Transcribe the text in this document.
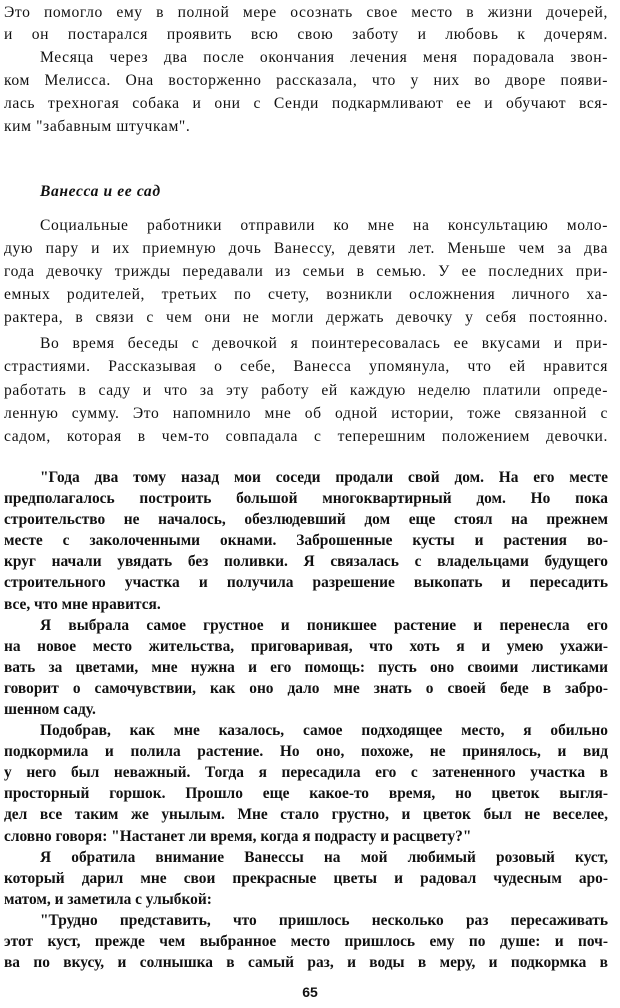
Это помогло ему в полной мере осознать свое место в жизни дочерей,
и он постарался проявить всю свою заботу и любовь к дочерям.
Месяца через два после окончания лечения меня порадовала звон-
ком Мелисса. Она восторженно рассказала, что у них во дворе появи-
лась трехногая собака и они с Сенди подкармливают ее и обучают вся-
ким "забавным штучкам".
Ванесса и ее сад
Социальные работники отправили ко мне на консультацию моло-
дую пару и их приемную дочь Ванессу, девяти лет. Меньше чем за два
года девочку трижды передавали из семьи в семью. У ее последних при-
емных родителей, третьих по счету, возникли осложнения личного ха-
рактера, в связи с чем они не могли держать девочку у себя постоянно.
Во время беседы с девочкой я поинтересовалась ее вкусами и при-
страстиями. Рассказывая о себе, Ванесса упомянула, что ей нравится
работать в саду и что за эту работу ей каждую неделю платили опреде-
ленную сумму. Это напомнило мне об одной истории, тоже связанной с
садом, которая в чем-то совпадала с теперешним положением девочки.
"Года два тому назад мои соседи продали свой дом. На его месте
предполагалось построить большой многоквартирный дом. Но пока
строительство не началось, обезлюдевший дом еще стоял на прежнем
месте с заколоченными окнами. Заброшенные кусты и растения во-
круг начали увядать без поливки. Я связалась с владельцами будущего
строительного участка и получила разрешение выкопать и пересадить
все, что мне нравится.
Я выбрала самое грустное и поникшее растение и перенесла его
на новое место жительства, приговаривая, что хоть я и умею ухажи-
вать за цветами, мне нужна и его помощь: пусть оно своими листиками
говорит о самочувствии, как оно дало мне знать о своей беде в забро-
шенном саду.
Подобрав, как мне казалось, самое подходящее место, я обильно
подкормила и полила растение. Но оно, похоже, не принялось, и вид
у него был неважный. Тогда я пересадила его с затененного участка в
просторный горшок. Прошло еще какое-то время, но цветок выгля-
дел все таким же унылым. Мне стало грустно, и цветок был не веселее,
словно говоря: "Настанет ли время, когда я подрасту и расцвету?"
Я обратила внимание Ванессы на мой любимый розовый куст,
который дарил мне свои прекрасные цветы и радовал чудесным аро-
матом, и заметила с улыбкой:
"Трудно представить, что пришлось несколько раз пересаживать
этот куст, прежде чем выбранное место пришлось ему по душе: и поч-
ва по вкусу, и солнышка в самый раз, и воды в меру, и подкормка в
65
